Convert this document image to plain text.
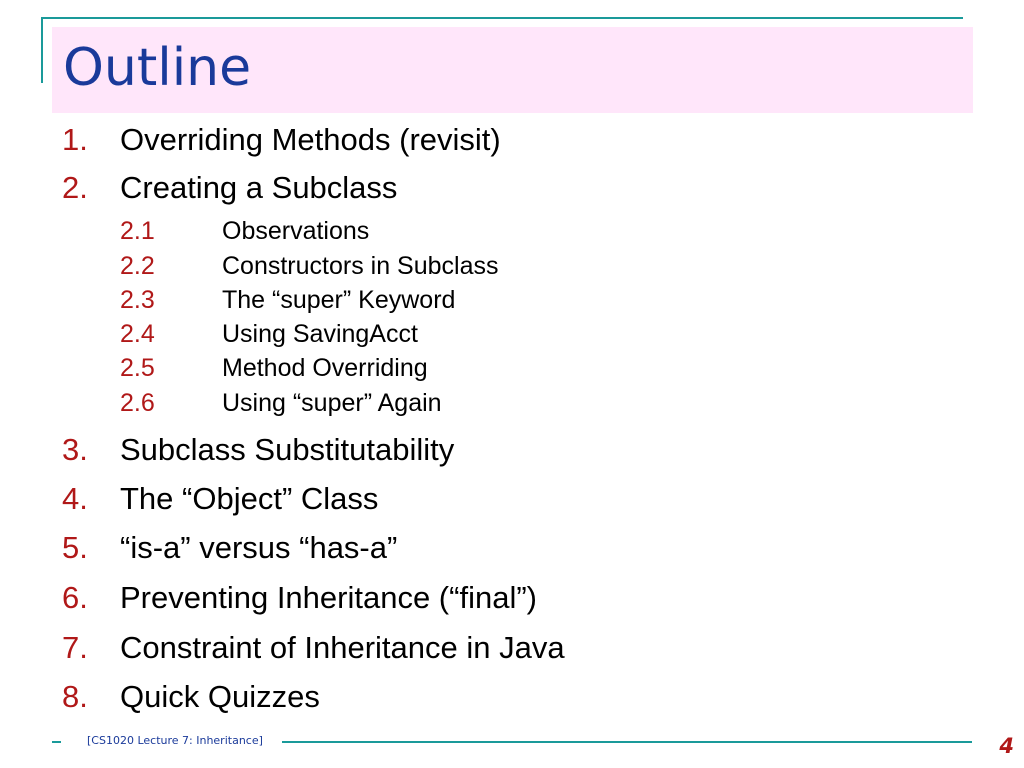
Outline
1. Overriding Methods (revisit)
2. Creating a Subclass
2.1	Observations
2.2	Constructors in Subclass
2.3	The “super” Keyword
2.4	Using SavingAcct
2.5	Method Overriding
2.6	Using “super” Again
3. Subclass Substitutability
4. The “Object” Class
5. “is-a” versus “has-a”
6. Preventing Inheritance (“final”)
7. Constraint of Inheritance in Java
8. Quick Quizzes
[CS1020 Lecture 7: Inheritance]	4
